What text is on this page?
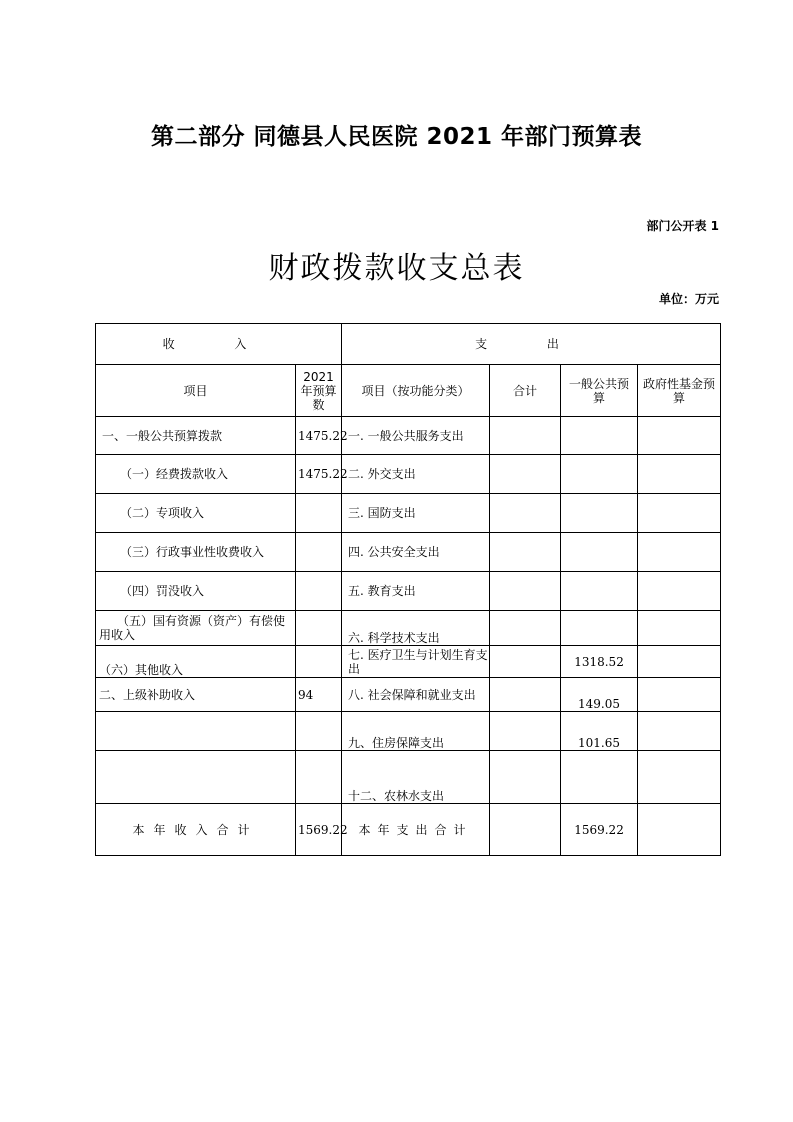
第二部分 同德县人民医院 2021 年部门预算表
部门公开表 1
财政拨款收支总表
单位：万元
收 入		支 出			
项目	2021 年预算数	项目（按功能分类）	合计	一般公共预算	政府性基金预算
一、一般公共预算拨款	1475.22	一. 一般公共服务支出			
（一）经费拨款收入	1475.22	二. 外交支出			
（二）专项收入		三. 国防支出			
（三）行政事业性收费收入		四. 公共安全支出			
（四）罚没收入		五. 教育支出			
（五）国有资源（资产）有偿使用收入		六. 科学技术支出			
（六）其他收入		七. 医疗卫生与计划生育支出		1318.52	
二、上级补助收入	94	八. 社会保障和就业支出		149.05	
		九、住房保障支出		101.65	
		十二、农林水支出			
本年收入合计	1569.22	本年支出合计		1569.22	
